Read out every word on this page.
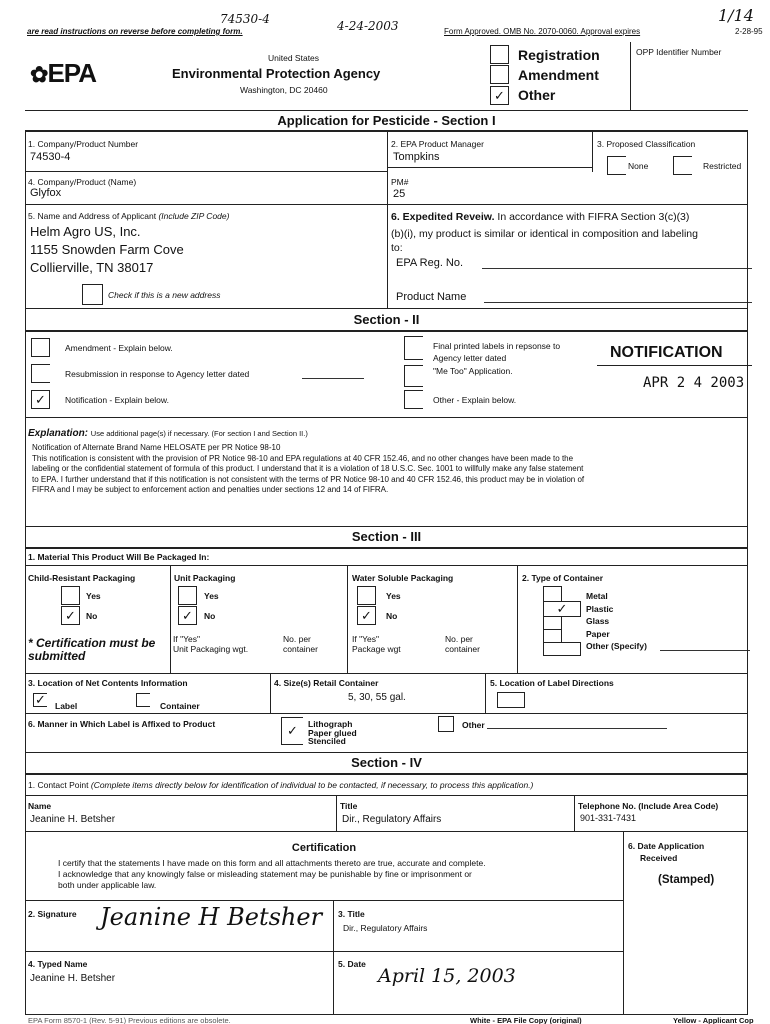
are read instructions on reverse before completing form.
74530-4	4-24-2003	Form Approved. OMB No. 2070-0060. Approval expires	2-28-95
1/14
✿EPA	United States
Environmental Protection Agency
Washington, DC 20460
Registration
Amendment
✓ Other
OPP Identifier Number
Application for Pesticide - Section I
1. Company/Product Number
74530-4
2. EPA Product Manager
Tompkins
3. Proposed Classification
None	Restricted
4. Company/Product (Name)
Glyfox
PM#
25
5. Name and Address of Applicant (Include ZIP Code)
Helm Agro US, Inc.
1155 Snowden Farm Cove
Collierville, TN 38017
Check if this is a new address
6. Expedited Reveiw. In accordance with FIFRA Section 3(c)(3)
(b)(i), my product is similar or identical in composition and labeling
to:
EPA Reg. No.
Product Name
Section - II
Amendment - Explain below.
Resubmission in response to Agency letter dated
✓	Notification - Explain below.
Final printed labels in repsonse to
Agency letter dated
"Me Too" Application.
Other - Explain below.
NOTIFICATION
APR 2 4 2003
Explanation: Use additional page(s) if necessary. (For section I and Section II.)
Notification of Alternate Brand Name HELOSATE per PR Notice 98-10
This notification is consistent with the provision of PR Notice 98-10 and EPA regulations at 40 CFR 152.46, and no other changes have been made to the
labeling or the confidential statement of formula of this product. I understand that it is a violation of 18 U.S.C. Sec. 1001 to willfully make any false statement
to EPA. I further understand that if this notification is not consistent with the terms of PR Notice 98-10 and 40 CFR 152.46, this product may be in violation of
FIFRA and I may be subject to enforcement action and penalties under sections 12 and 14 of FIFRA.
Section - III
1. Material This Product Will Be Packaged In:
Child-Resistant Packaging
Yes
✓	No
* Certification must be submitted
Unit Packaging
Yes
✓	No
If "Yes"
Unit Packaging wgt.
No. per
container
Water Soluble Packaging
Yes
✓	No
If "Yes"
Package wgt
No. per
container
2. Type of Container
✓
Metal
Plastic
Glass
Paper
Other (Specify)
3. Location of Net Contents Information
✓ Label	Container
4. Size(s) Retail Container
5, 30, 55 gal.
5. Location of Label Directions
6. Manner in Which Label is Affixed to Product	✓	Lithograph
Paper glued
Stenciled
Other
Section - IV
1. Contact Point (Complete items directly below for identification of individual to be contacted, if necessary, to process this application.)
Name
Jeanine H. Betsher
Title
Dir., Regulatory Affairs
Telephone No. (Include Area Code)
901-331-7431
Certification
I certify that the statements I have made on this form and all attachments thereto are true, accurate and complete.
I acknowledge that any knowingly false or misleading statement may be punishable by fine or imprisonment or
both under applicable law.
6. Date Application
Received
(Stamped)
2. Signature Jeanine H Betsher 3. Title
Dir., Regulatory Affairs
4. Typed Name
Jeanine H. Betsher
5. Date
April 15, 2003
EPA Form 8570-1 (Rev. 5-91) Previous editions are obsolete.	White - EPA File Copy (original)	Yellow - Applicant Cop
